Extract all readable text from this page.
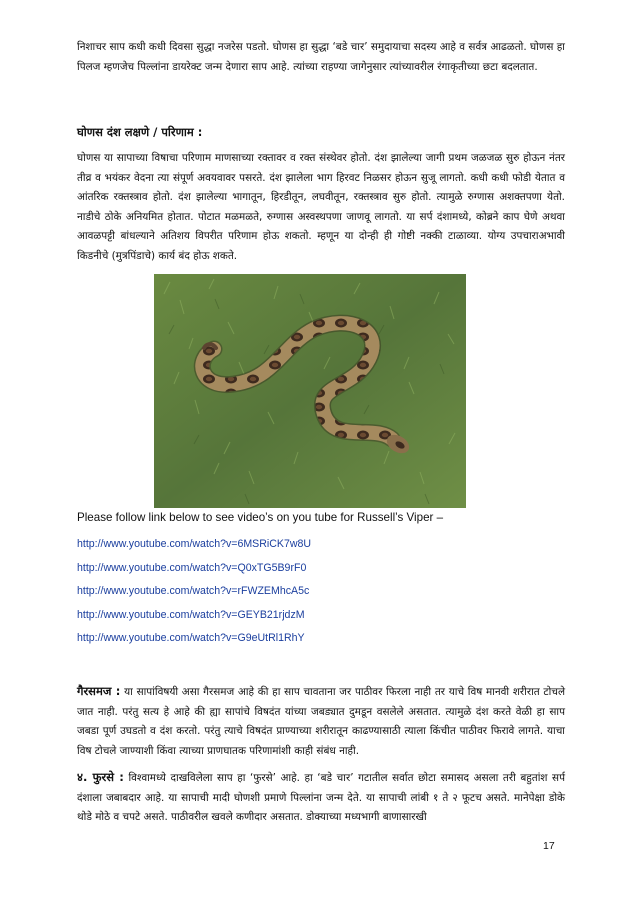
निशाचर साप कधी कधी दिवसा सुद्धा नजरेस पडतो. घोणस हा सुद्धा ‘बडे चार’ समुदायाचा सदस्य आहे व सर्वत्र आढळतो. घोणस हा पिलज म्हणजेच पिल्लांना डायरेक्ट जन्म देणारा साप आहे. त्यांच्या राहण्या जागेनुसार त्यांच्यावरील रंगाकृतीच्या छटा बदलतात.

घोणस दंश लक्षणे / परिणाम :

घोणस या सापाच्या विषाचा परिणाम माणसाच्या रक्तावर व रक्त संस्थेवर होतो. दंश झालेल्या जागी प्रथम जळजळ सुरु होऊन नंतर तीव्र व भयंकर वेदना त्या संपूर्ण अवयवावर पसरते. दंश झालेला भाग हिरवट निळसर होऊन सुजू लागतो. कधी कधी फोडी येतात व आंतरिक रक्तस्त्राव होतो. दंश झालेल्या भागातून, हिरडीतून, लघवीतून, रक्तस्त्राव सुरु होतो. त्यामुळे रुग्णास अशक्तपणा येतो. नाडीचे ठोके अनियमित होतात. पोटात मळमळते, रुग्णास अस्वस्थपणा जाणवू लागतो. या सर्प दंशामध्ये, कोब्रने काप घेणे अथवा आवळपट्टी बांधल्याने अतिशय विपरीत परिणाम होऊ शकतो. म्हणून या दोन्ही ही गोष्टी नक्की टाळाव्या. योग्य उपचाराअभावी किडनीचे (मुत्रपिंडाचे) कार्य बंद होऊ शकते.

Please follow link below to see video’s on you tube for Russell’s Viper –

http://www.youtube.com/watch?v=6MSRiCK7w8U
http://www.youtube.com/watch?v=Q0xTG5B9rF0
http://www.youtube.com/watch?v=rFWZEMhcA5c
http://www.youtube.com/watch?v=GEYB21rjdzM
http://www.youtube.com/watch?v=G9eUtRl1RhY

गैरसमज : या सापांविषयी असा गैरसमज आहे की हा साप चावताना जर पाठीवर फिरला नाही तर याचे विष मानवी शरीरात टोचले जात नाही. परंतु सत्य हे आहे की ह्या सापांचे विषदंत यांच्या जबड्यात दुमडून वसलेले असतात. त्यामुळे दंश करते वेळी हा साप जबडा पूर्ण उघडतो व दंश करतो. परंतु त्याचे विषदंत प्राण्याच्या शरीरातून काढण्यासाठी त्याला किंचीत पाठीवर फिरावे लागते. याचा विष टोचले जाण्याशी किंवा त्याच्या प्राणघातक परिणामांशी काही संबंध नाही.

४. फुरसे : विश्वामध्ये दाखविलेला साप हा ‘फुरसे’ आहे. हा ‘बडे चार’ गटातील सर्वात छोटा समासद असला तरी बहुतांश सर्प दंशाला जबाबदार आहे. या सापाची मादी घोणशी प्रमाणे पिल्लांना जन्म देते. या सापाची लांबी १ ते २ फूटच असते. मानेपेक्षा डोके थोडे मोठे व चपटे असते. पाठीवरील खवले कणीदार असतात. डोक्याच्या मध्यभागी बाणासारखी

17
